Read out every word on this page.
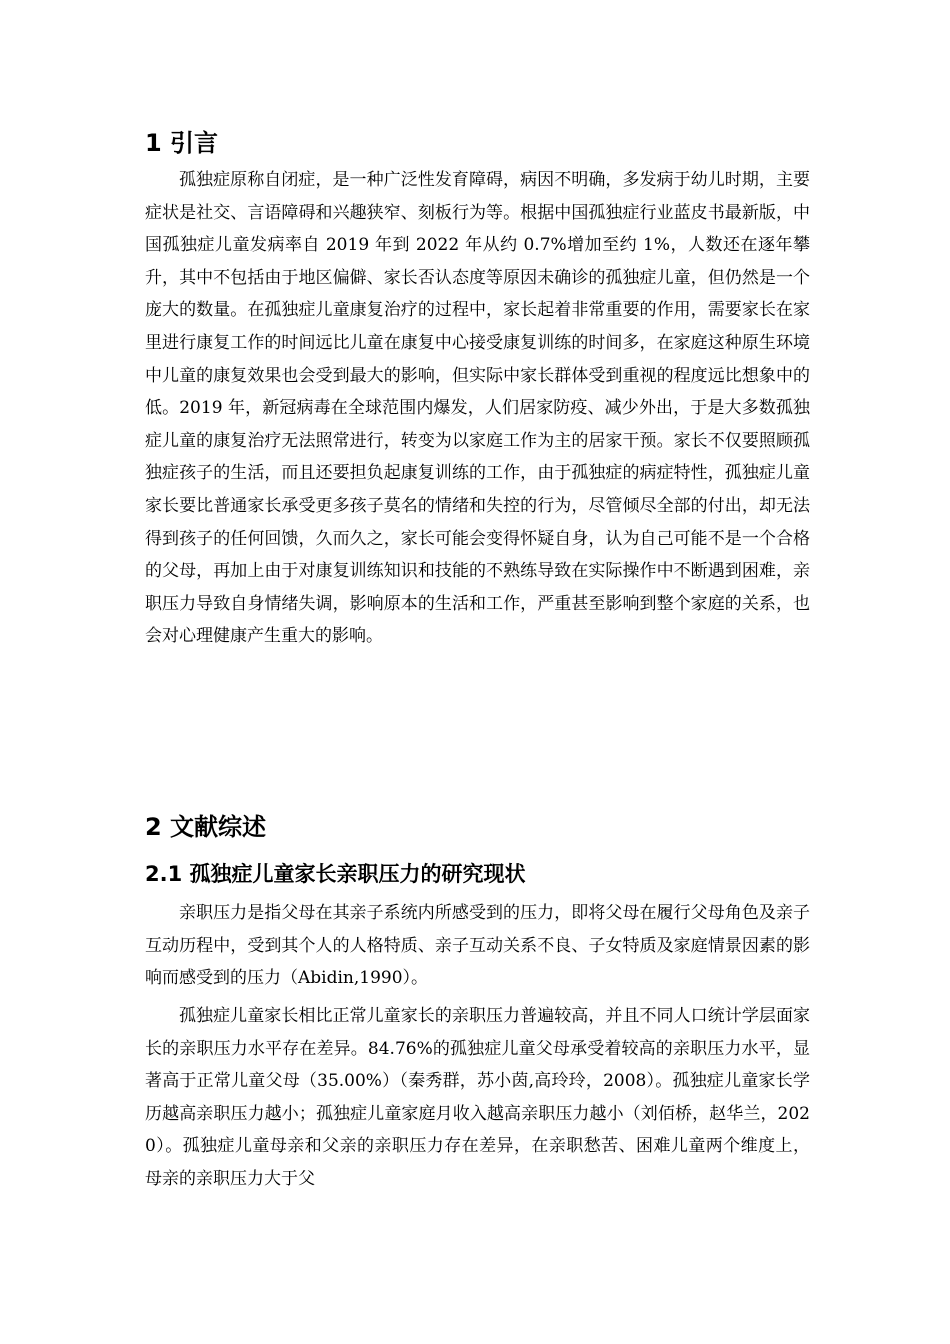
1 引言

孤独症原称自闭症，是一种广泛性发育障碍，病因不明确，多发病于幼儿时期，主要症状是社交、言语障碍和兴趣狭窄、刻板行为等。根据中国孤独症行业蓝皮书最新版，中国孤独症儿童发病率自 2019 年到 2022 年从约 0.7%增加至约 1%，人数还在逐年攀升，其中不包括由于地区偏僻、家长否认态度等原因未确诊的孤独症儿童，但仍然是一个庞大的数量。在孤独症儿童康复治疗的过程中，家长起着非常重要的作用，需要家长在家里进行康复工作的时间远比儿童在康复中心接受康复训练的时间多，在家庭这种原生环境中儿童的康复效果也会受到最大的影响，但实际中家长群体受到重视的程度远比想象中的低。2019 年，新冠病毒在全球范围内爆发，人们居家防疫、减少外出，于是大多数孤独症儿童的康复治疗无法照常进行，转变为以家庭工作为主的居家干预。家长不仅要照顾孤独症孩子的生活，而且还要担负起康复训练的工作，由于孤独症的病症特性，孤独症儿童家长要比普通家长承受更多孩子莫名的情绪和失控的行为，尽管倾尽全部的付出，却无法得到孩子的任何回馈，久而久之，家长可能会变得怀疑自身，认为自己可能不是一个合格的父母，再加上由于对康复训练知识和技能的不熟练导致在实际操作中不断遇到困难，亲职压力导致自身情绪失调，影响原本的生活和工作，严重甚至影响到整个家庭的关系，也会对心理健康产生重大的影响。

2 文献综述
2.1 孤独症儿童家长亲职压力的研究现状

亲职压力是指父母在其亲子系统内所感受到的压力，即将父母在履行父母角色及亲子互动历程中，受到其个人的人格特质、亲子互动关系不良、子女特质及家庭情景因素的影响而感受到的压力（Abidin,1990）。

孤独症儿童家长相比正常儿童家长的亲职压力普遍较高，并且不同人口统计学层面家长的亲职压力水平存在差异。84.76%的孤独症儿童父母承受着较高的亲职压力水平，显著高于正常儿童父母（35.00%）（秦秀群，苏小茵,高玲玲，2008）。孤独症儿童家长学历越高亲职压力越小；孤独症儿童家庭月收入越高亲职压力越小（刘佰桥，赵华兰，2020）。孤独症儿童母亲和父亲的亲职压力存在差异，在亲职愁苦、困难儿童两个维度上，母亲的亲职压力大于父
